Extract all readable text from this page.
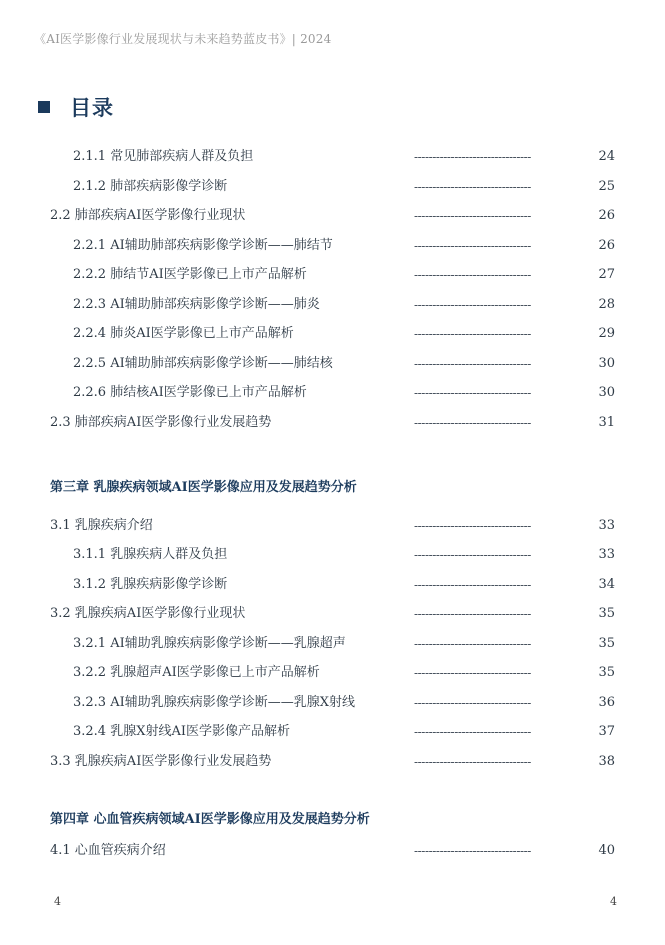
《AI医学影像行业发展现状与未来趋势蓝皮书》| 2024
目录
2.1.1 常见肺部疾病人群及负担	--------------------------------	24
2.1.2 肺部疾病影像学诊断	--------------------------------	25
2.2 肺部疾病AI医学影像行业现状	--------------------------------	26
2.2.1 AI辅助肺部疾病影像学诊断——肺结节	--------------------------------	26
2.2.2 肺结节AI医学影像已上市产品解析	--------------------------------	27
2.2.3 AI辅助肺部疾病影像学诊断——肺炎	--------------------------------	28
2.2.4 肺炎AI医学影像已上市产品解析	--------------------------------	29
2.2.5 AI辅助肺部疾病影像学诊断——肺结核	--------------------------------	30
2.2.6 肺结核AI医学影像已上市产品解析	--------------------------------	30
2.3 肺部疾病AI医学影像行业发展趋势	--------------------------------	31
第三章 乳腺疾病领域AI医学影像应用及发展趋势分析
3.1 乳腺疾病介绍	--------------------------------	33
3.1.1 乳腺疾病人群及负担	--------------------------------	33
3.1.2 乳腺疾病影像学诊断	--------------------------------	34
3.2 乳腺疾病AI医学影像行业现状	--------------------------------	35
3.2.1 AI辅助乳腺疾病影像学诊断——乳腺超声	--------------------------------	35
3.2.2 乳腺超声AI医学影像已上市产品解析	--------------------------------	35
3.2.3 AI辅助乳腺疾病影像学诊断——乳腺X射线	--------------------------------	36
3.2.4 乳腺X射线AI医学影像产品解析	--------------------------------	37
3.3 乳腺疾病AI医学影像行业发展趋势	--------------------------------	38
第四章 心血管疾病领域AI医学影像应用及发展趋势分析
4.1 心血管疾病介绍	--------------------------------	40
4	4
